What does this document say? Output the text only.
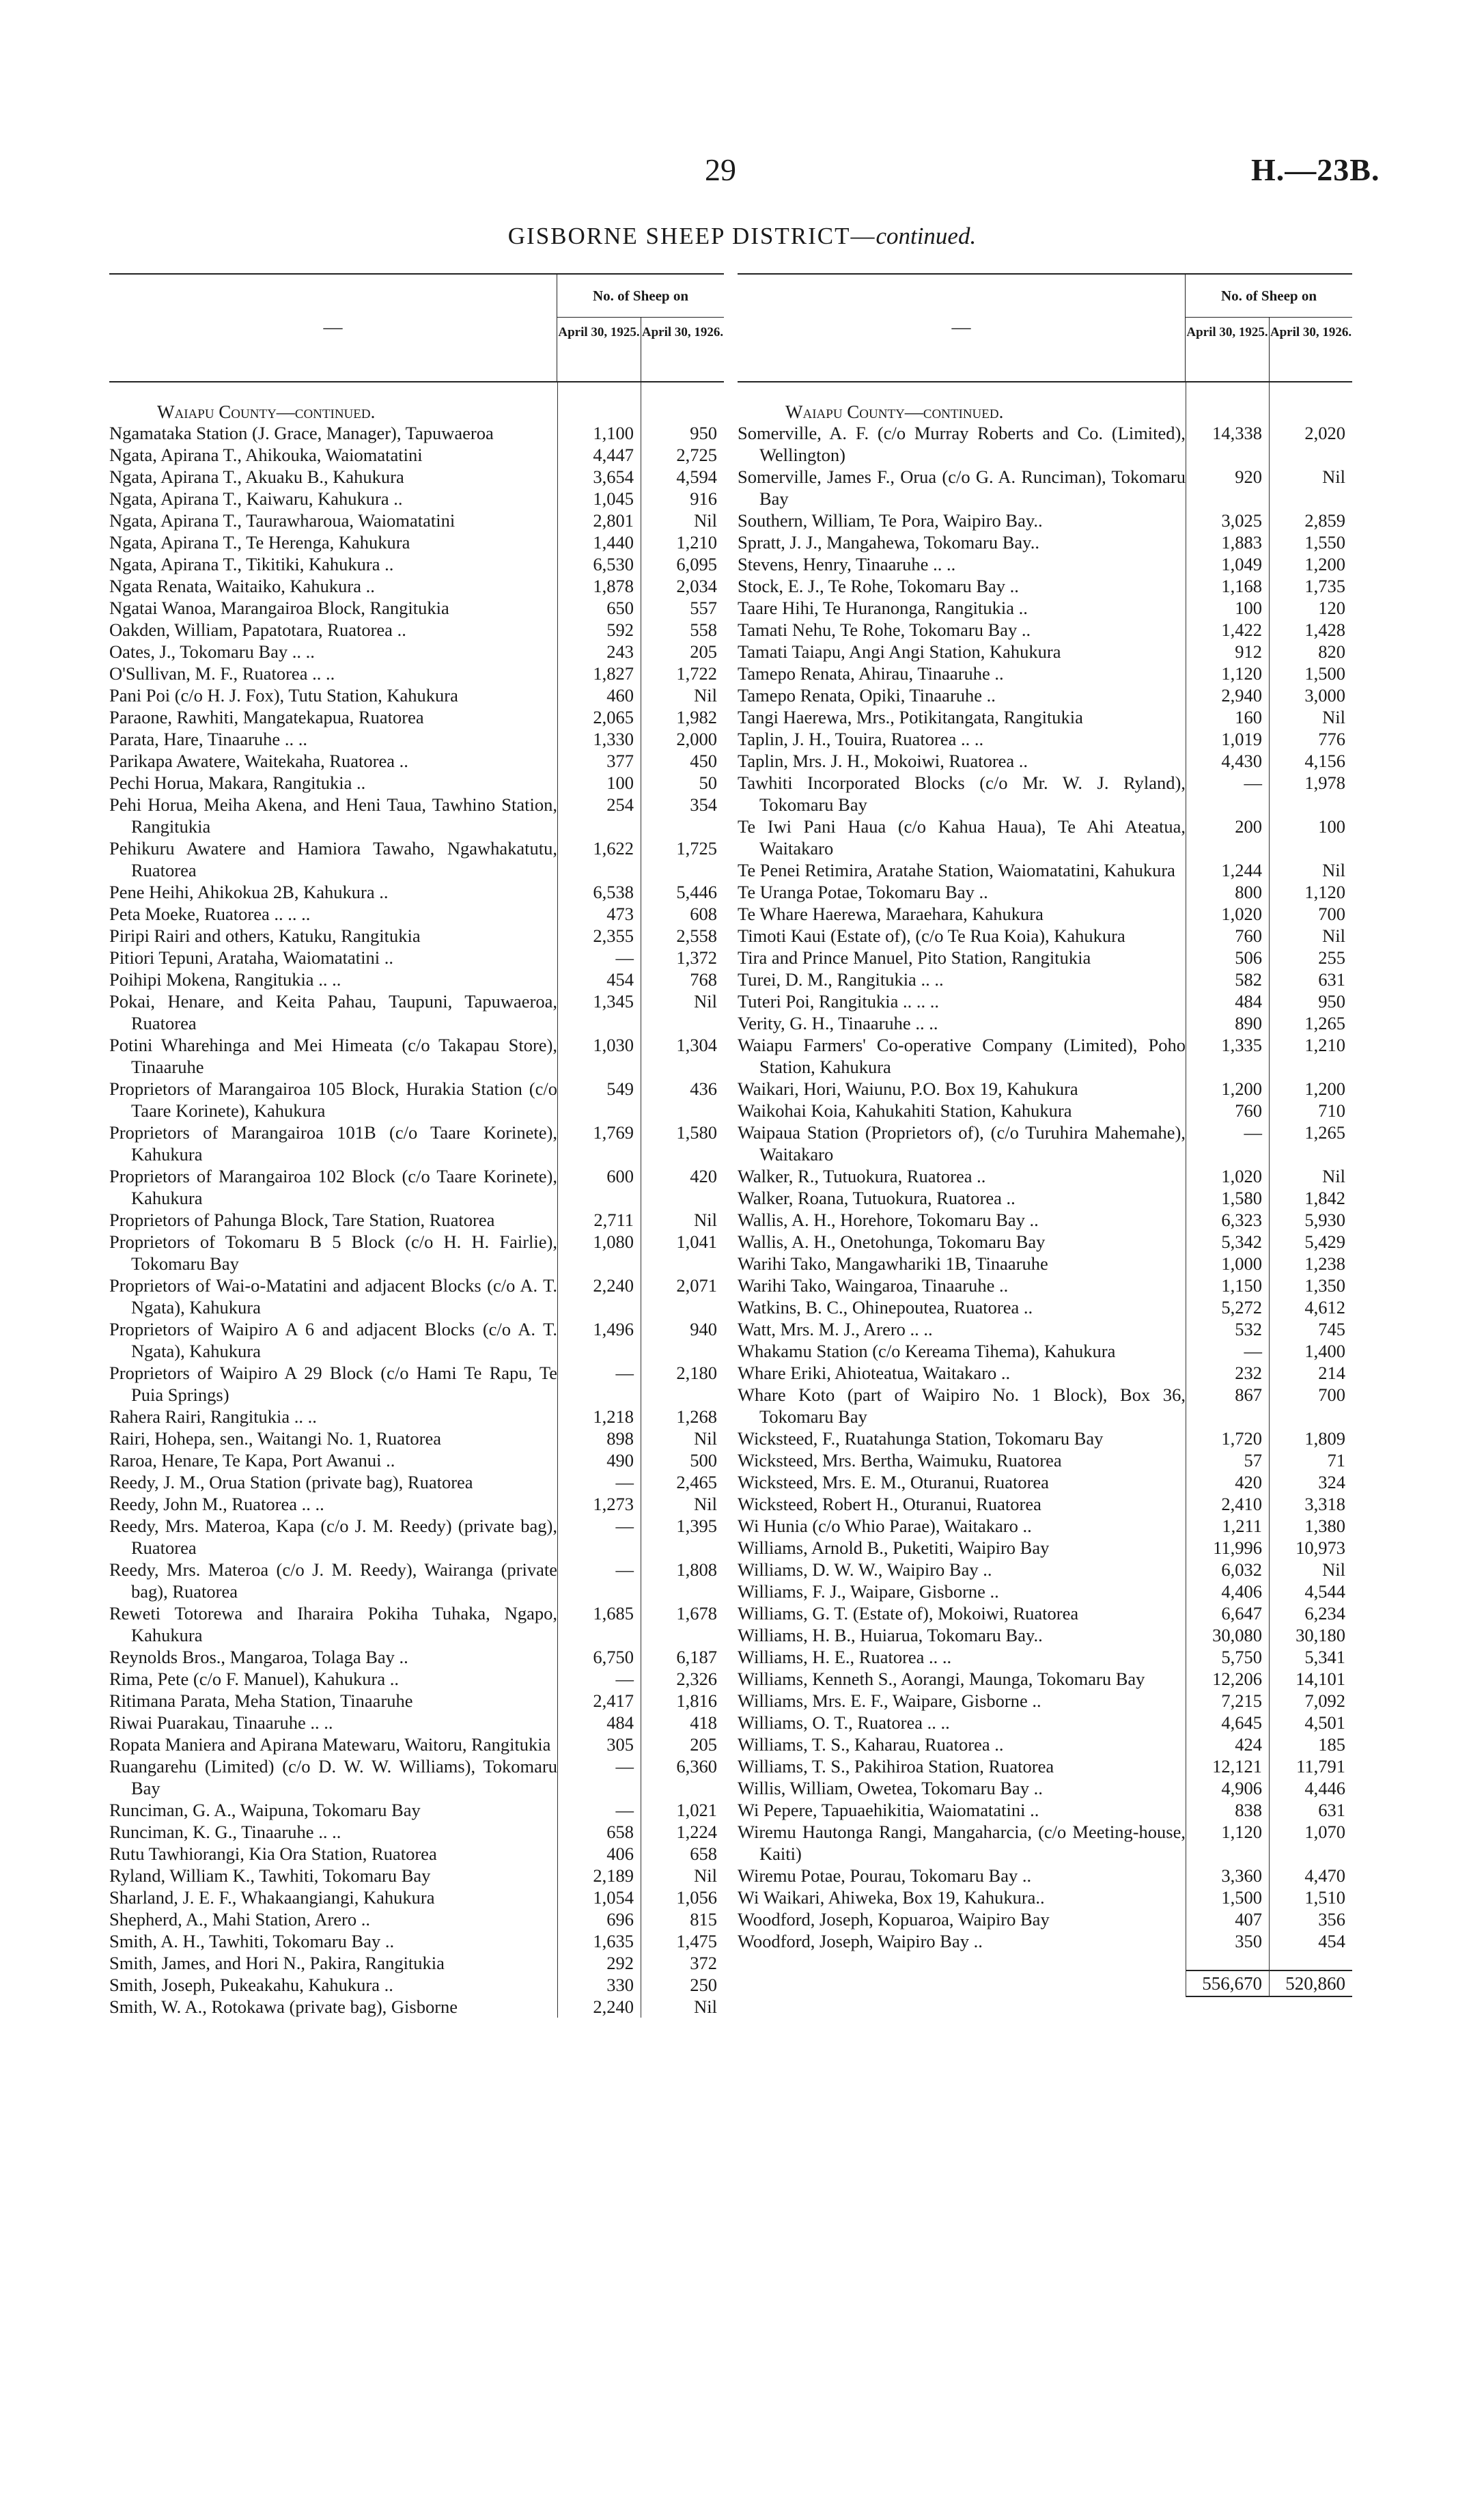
29	H.—23B.
GISBORNE SHEEP DISTRICT—continued.
—
No. of Sheep on
April 30, 1925. April 30, 1926.
Waiapu County—continued.
Ngamataka Station (J. Grace, Manager), Tapuwaeroa	1,100	950
Ngata, Apirana T., Ahikouka, Waiomatatini	4,447	2,725
Ngata, Apirana T., Akuaku B., Kahukura	3,654	4,594
Ngata, Apirana T., Kaiwaru, Kahukura ..	1,045	916
Ngata, Apirana T., Taurawharoua, Waiomatatini	2,801	Nil
Ngata, Apirana T., Te Herenga, Kahukura	1,440	1,210
Ngata, Apirana T., Tikitiki, Kahukura ..	6,530	6,095
Ngata Renata, Waitaiko, Kahukura ..	1,878	2,034
Ngatai Wanoa, Marangairoa Block, Rangitukia	650	557
Oakden, William, Papatotara, Ruatorea ..	592	558
Oates, J., Tokomaru Bay .. ..	243	205
O'Sullivan, M. F., Ruatorea .. ..	1,827	1,722
Pani Poi (c/o H. J. Fox), Tutu Station, Kahukura	460	Nil
Paraone, Rawhiti, Mangatekapua, Ruatorea	2,065	1,982
Parata, Hare, Tinaaruhe .. ..	1,330	2,000
Parikapa Awatere, Waitekaha, Ruatorea ..	377	450
Pechi Horua, Makara, Rangitukia ..	100	50
Pehi Horua, Meiha Akena, and Heni Taua, Tawhino Station, Rangitukia
254	354
Pehikuru Awatere and Hamiora Tawaho, Ngawhakatutu, Ruatorea
1,622	1,725
Pene Heihi, Ahikokua 2B, Kahukura ..	6,538	5,446
Peta Moeke, Ruatorea .. .. ..	473	608
Piripi Rairi and others, Katuku, Rangitukia	2,355	2,558
Pitiori Tepuni, Arataha, Waiomatatini ..	—	1,372
Poihipi Mokena, Rangitukia .. ..	454	768
Pokai, Henare, and Keita Pahau, Taupuni, Tapuwaeroa, Ruatorea
1,345	Nil
Potini Wharehinga and Mei Himeata (c/o Takapau Store), Tinaaruhe
1,030	1,304
Proprietors of Marangairoa 105 Block, Hurakia Station (c/o Taare Korinete), Kahukura
549	436
Proprietors of Marangairoa 101B (c/o Taare Korinete), Kahukura
1,769	1,580
Proprietors of Marangairoa 102 Block (c/o Taare Korinete), Kahukura
600	420
Proprietors of Pahunga Block, Tare Station, Ruatorea	2,711	Nil
Proprietors of Tokomaru B 5 Block (c/o H. H. Fairlie), Tokomaru Bay
1,080	1,041
Proprietors of Wai-o-Matatini and adjacent Blocks (c/o A. T. Ngata), Kahukura
2,240	2,071
Proprietors of Waipiro A 6 and adjacent Blocks (c/o A. T. Ngata), Kahukura
1,496	940
Proprietors of Waipiro A 29 Block (c/o Hami Te Rapu, Te Puia Springs)
—	2,180
Rahera Rairi, Rangitukia .. ..	1,218	1,268
Rairi, Hohepa, sen., Waitangi No. 1, Ruatorea	898	Nil
Raroa, Henare, Te Kapa, Port Awanui ..	490	500
Reedy, J. M., Orua Station (private bag), Ruatorea	—	2,465
Reedy, John M., Ruatorea .. ..	1,273	Nil
Reedy, Mrs. Materoa, Kapa (c/o J. M. Reedy) (private bag), Ruatorea
—	1,395
Reedy, Mrs. Materoa (c/o J. M. Reedy), Wairanga (private bag), Ruatorea
—	1,808
Reweti Totorewa and Iharaira Pokiha Tuhaka, Ngapo, Kahukura
1,685	1,678
Reynolds Bros., Mangaroa, Tolaga Bay ..	6,750	6,187
Rima, Pete (c/o F. Manuel), Kahukura ..	—	2,326
Ritimana Parata, Meha Station, Tinaaruhe	2,417	1,816
Riwai Puarakau, Tinaaruhe .. ..	484	418
Ropata Maniera and Apirana Matewaru, Waitoru, Rangitukia	305	205
Ruangarehu (Limited) (c/o D. W. W. Williams), Tokomaru Bay
—	6,360
Runciman, G. A., Waipuna, Tokomaru Bay	—	1,021
Runciman, K. G., Tinaaruhe .. ..	658	1,224
Rutu Tawhiorangi, Kia Ora Station, Ruatorea	406	658
Ryland, William K., Tawhiti, Tokomaru Bay	2,189	Nil
Sharland, J. E. F., Whakaangiangi, Kahukura	1,054	1,056
Shepherd, A., Mahi Station, Arero ..	696	815
Smith, A. H., Tawhiti, Tokomaru Bay ..	1,635	1,475
Smith, James, and Hori N., Pakira, Rangitukia	292	372
Smith, Joseph, Pukeakahu, Kahukura ..	330	250
Smith, W. A., Rotokawa (private bag), Gisborne	2,240	Nil
—
No. of Sheep on
April 30, 1925. April 30, 1926.
Waiapu County—continued.
Somerville, A. F. (c/o Murray Roberts and Co. (Limited), Wellington)
14,338	2,020
Somerville, James F., Orua (c/o G. A. Runciman), Tokomaru Bay
920	Nil
Southern, William, Te Pora, Waipiro Bay..	3,025	2,859
Spratt, J. J., Mangahewa, Tokomaru Bay..	1,883	1,550
Stevens, Henry, Tinaaruhe .. ..	1,049	1,200
Stock, E. J., Te Rohe, Tokomaru Bay ..	1,168	1,735
Taare Hihi, Te Huranonga, Rangitukia ..	100	120
Tamati Nehu, Te Rohe, Tokomaru Bay ..	1,422	1,428
Tamati Taiapu, Angi Angi Station, Kahukura	912	820
Tamepo Renata, Ahirau, Tinaaruhe ..	1,120	1,500
Tamepo Renata, Opiki, Tinaaruhe ..	2,940	3,000
Tangi Haerewa, Mrs., Potikitangata, Rangitukia	160	Nil
Taplin, J. H., Touira, Ruatorea .. ..	1,019	776
Taplin, Mrs. J. H., Mokoiwi, Ruatorea ..	4,430	4,156
Tawhiti Incorporated Blocks (c/o Mr. W. J. Ryland), Tokomaru Bay
—	1,978
Te Iwi Pani Haua (c/o Kahua Haua), Te Ahi Ateatua, Waitakaro
200	100
Te Penei Retimira, Aratahe Station, Waiomatatini, Kahukura	1,244	Nil
Te Uranga Potae, Tokomaru Bay ..	800	1,120
Te Whare Haerewa, Maraehara, Kahukura	1,020	700
Timoti Kaui (Estate of), (c/o Te Rua Koia), Kahukura	760	Nil
Tira and Prince Manuel, Pito Station, Rangitukia	506	255
Turei, D. M., Rangitukia .. ..	582	631
Tuteri Poi, Rangitukia .. .. ..	484	950
Verity, G. H., Tinaaruhe .. ..	890	1,265
Waiapu Farmers' Co-operative Company (Limited), Poho Station, Kahukura
1,335	1,210
Waikari, Hori, Waiunu, P.O. Box 19, Kahukura	1,200	1,200
Waikohai Koia, Kahukahiti Station, Kahukura	760	710
Waipaua Station (Proprietors of), (c/o Turuhira Mahemahe), Waitakaro
—	1,265
Walker, R., Tutuokura, Ruatorea ..	1,020	Nil
Walker, Roana, Tutuokura, Ruatorea ..	1,580	1,842
Wallis, A. H., Horehore, Tokomaru Bay ..	6,323	5,930
Wallis, A. H., Onetohunga, Tokomaru Bay	5,342	5,429
Warihi Tako, Mangawhariki 1B, Tinaaruhe	1,000	1,238
Warihi Tako, Waingaroa, Tinaaruhe ..	1,150	1,350
Watkins, B. C., Ohinepoutea, Ruatorea ..	5,272	4,612
Watt, Mrs. M. J., Arero .. ..	532	745
Whakamu Station (c/o Kereama Tihema), Kahukura	—	1,400
Whare Eriki, Ahioteatua, Waitakaro ..	232	214
Whare Koto (part of Waipiro No. 1 Block), Box 36, Tokomaru Bay
867	700
Wicksteed, F., Ruatahunga Station, Tokomaru Bay	1,720	1,809
Wicksteed, Mrs. Bertha, Waimuku, Ruatorea	57	71
Wicksteed, Mrs. E. M., Oturanui, Ruatorea	420	324
Wicksteed, Robert H., Oturanui, Ruatorea	2,410	3,318
Wi Hunia (c/o Whio Parae), Waitakaro ..	1,211	1,380
Williams, Arnold B., Puketiti, Waipiro Bay	11,996	10,973
Williams, D. W. W., Waipiro Bay ..	6,032	Nil
Williams, F. J., Waipare, Gisborne ..	4,406	4,544
Williams, G. T. (Estate of), Mokoiwi, Ruatorea	6,647	6,234
Williams, H. B., Huiarua, Tokomaru Bay..	30,080	30,180
Williams, H. E., Ruatorea .. ..	5,750	5,341
Williams, Kenneth S., Aorangi, Maunga, Tokomaru Bay	12,206	14,101
Williams, Mrs. E. F., Waipare, Gisborne ..	7,215	7,092
Williams, O. T., Ruatorea .. ..	4,645	4,501
Williams, T. S., Kaharau, Ruatorea ..	424	185
Williams, T. S., Pakihiroa Station, Ruatorea	12,121	11,791
Willis, William, Owetea, Tokomaru Bay ..	4,906	4,446
Wi Pepere, Tapuaehikitia, Waiomatatini ..	838	631
Wiremu Hautonga Rangi, Mangaharcia, (c/o Meeting-house, Kaiti)
1,120	1,070
Wiremu Potae, Pourau, Tokomaru Bay ..	3,360	4,470
Wi Waikari, Ahiweka, Box 19, Kahukura..	1,500	1,510
Woodford, Joseph, Kopuaroa, Waipiro Bay	407	356
Woodford, Joseph, Waipiro Bay ..	350	454
556,670	520,860
